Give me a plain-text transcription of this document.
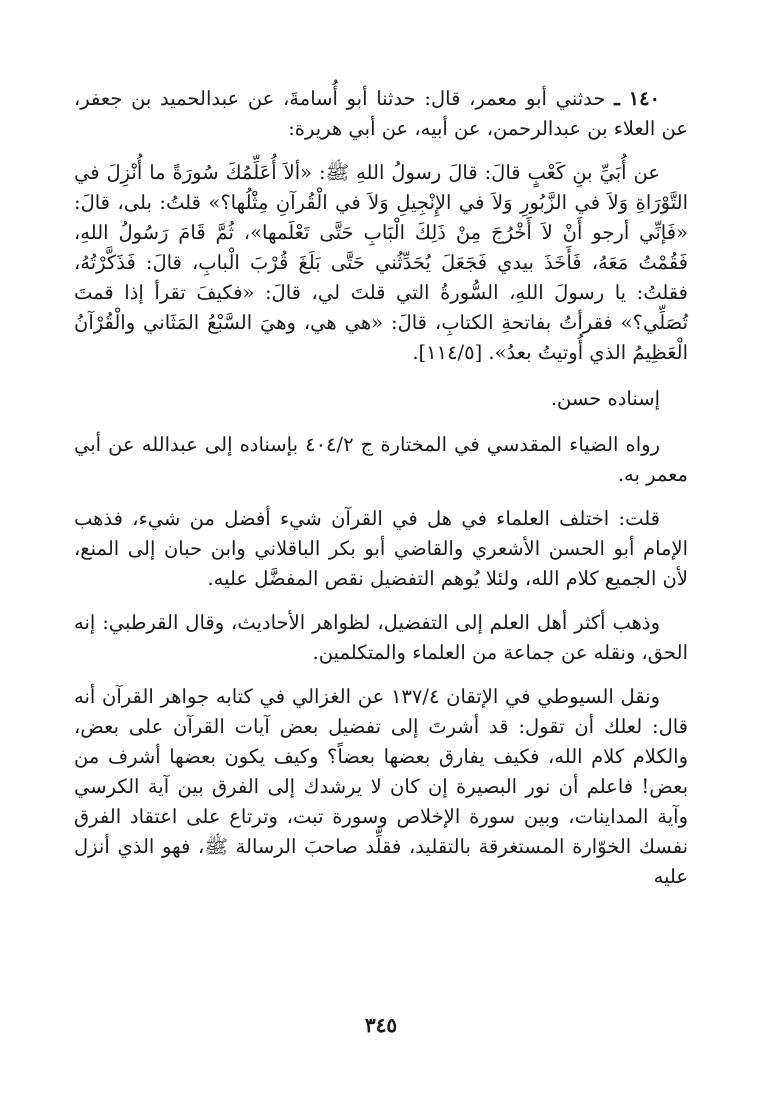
١٤٠ ـ حدثني أبو معمر، قال: حدثنا أبو أُسامةَ، عن عبدالحميد بن جعفر، عن العلاء بن عبدالرحمن، عن أبيه، عن أبي هريرة:

عن أُبَيِّ بنِ كَعْبٍ قالَ: قالَ رسولُ اللهِ ﷺ: «ألاَ أُعَلِّمُكَ سُورَةً ما أُنْزِلَ في التَّوْرَاةِ وَلاَ في الزَّبُورِ وَلاَ في الإِنْجِيلِ وَلاَ في الْقُرآنِ مِثْلُها؟» قلتُ: بلى، قالَ: «فَإنِّي أرجو أَنْ لاَ أَخْرُجَ مِنْ ذَلِكَ الْبَابِ حَتَّى تَعْلَمها»، ثُمَّ قَامَ رَسُولُ اللهِ، فَقُمْتُ مَعَهُ، فَأَخَذَ بيدي فَجَعَلَ يُحَدِّثُني حَتَّى بَلَغَ قُرْبَ الْبابِ، قالَ: فَذَكَّرْتُهُ، فقلتُ: يا رسولَ اللهِ، السُّورةُ التي قلتَ لي، قالَ: «فكيفَ تقرأ إذا قمتَ تُصَلِّي؟» فقرأتُ بفاتحةِ الكتابِ، قالَ: «هي هي، وهيَ السَّبْعُ المَثَاني والْقُرْآنُ الْعَظِيمُ الذي أُوتيتُ بعدُ». [١١٤/٥].

إسناده حسن.

رواه الضياء المقدسي في المختارة ج ٤٠٤/٢ بإسناده إلى عبدالله عن أبي معمر به.

قلت: اختلف العلماء في هل في القرآن شيء أفضل من شيء، فذهب الإمام أبو الحسن الأشعري والقاضي أبو بكر الباقلاني وابن حبان إلى المنع، لأن الجميع كلام الله، ولئلا يُوهم التفضيل نقص المفضَّل عليه.

وذهب أكثر أهل العلم إلى التفضيل، لظواهر الأحاديث، وقال القرطبي: إنه الحق، ونقله عن جماعة من العلماء والمتكلمين.

ونقل السيوطي في الإتقان ١٣٧/٤ عن الغزالي في كتابه جواهر القرآن أنه قال: لعلك أن تقول: قد أشرتَ إلى تفضيل بعض آيات القرآن على بعض، والكلام كلام الله، فكيف يفارق بعضها بعضاً؟ وكيف يكون بعضها أشرف من بعض! فاعلم أن نور البصيرة إن كان لا يرشدك إلى الفرق بين آية الكرسي وآية المداينات، وبين سورة الإخلاص وسورة تبت، وترتاع على اعتقاد الفرق نفسك الخوّارة المستغرقة بالتقليد، فقلِّد صاحبَ الرسالة ﷺ، فهو الذي أنزل عليه

٣٤٥
